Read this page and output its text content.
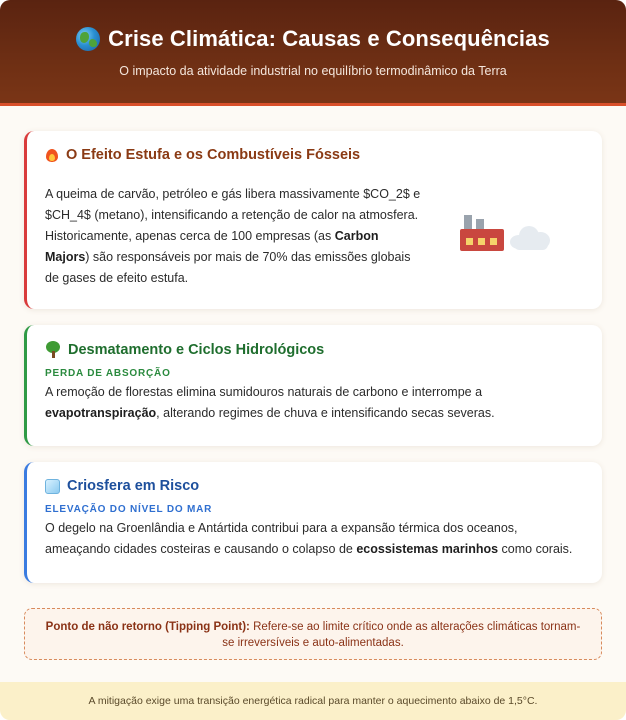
Crise Climática: Causas e Consequências
O impacto da atividade industrial no equilíbrio termodinâmico da Terra
O Efeito Estufa e os Combustíveis Fósseis

A queima de carvão, petróleo e gás libera massivamente $CO_2$ e $CH_4$ (metano), intensificando a retenção de calor na atmosfera. Historicamente, apenas cerca de 100 empresas (as Carbon Majors) são responsáveis por mais de 70% das emissões globais de gases de efeito estufa.

Desmatamento e Ciclos Hidrológicos
PERDA DE ABSORÇÃO

A remoção de florestas elimina sumidouros naturais de carbono e interrompe a evapotranspiração, alterando regimes de chuva e intensificando secas severas.

Criosfera em Risco
ELEVAÇÃO DO NÍVEL DO MAR

O degelo na Groenlândia e Antártida contribui para a expansão térmica dos oceanos, ameaçando cidades costeiras e causando o colapso de ecossistemas marinhos como corais.

Ponto de não retorno (Tipping Point): Refere-se ao limite crítico onde as alterações climáticas tornam-se irreversíveis e auto-alimentadas.
A mitigação exige uma transição energética radical para manter o aquecimento abaixo de 1,5°C.
